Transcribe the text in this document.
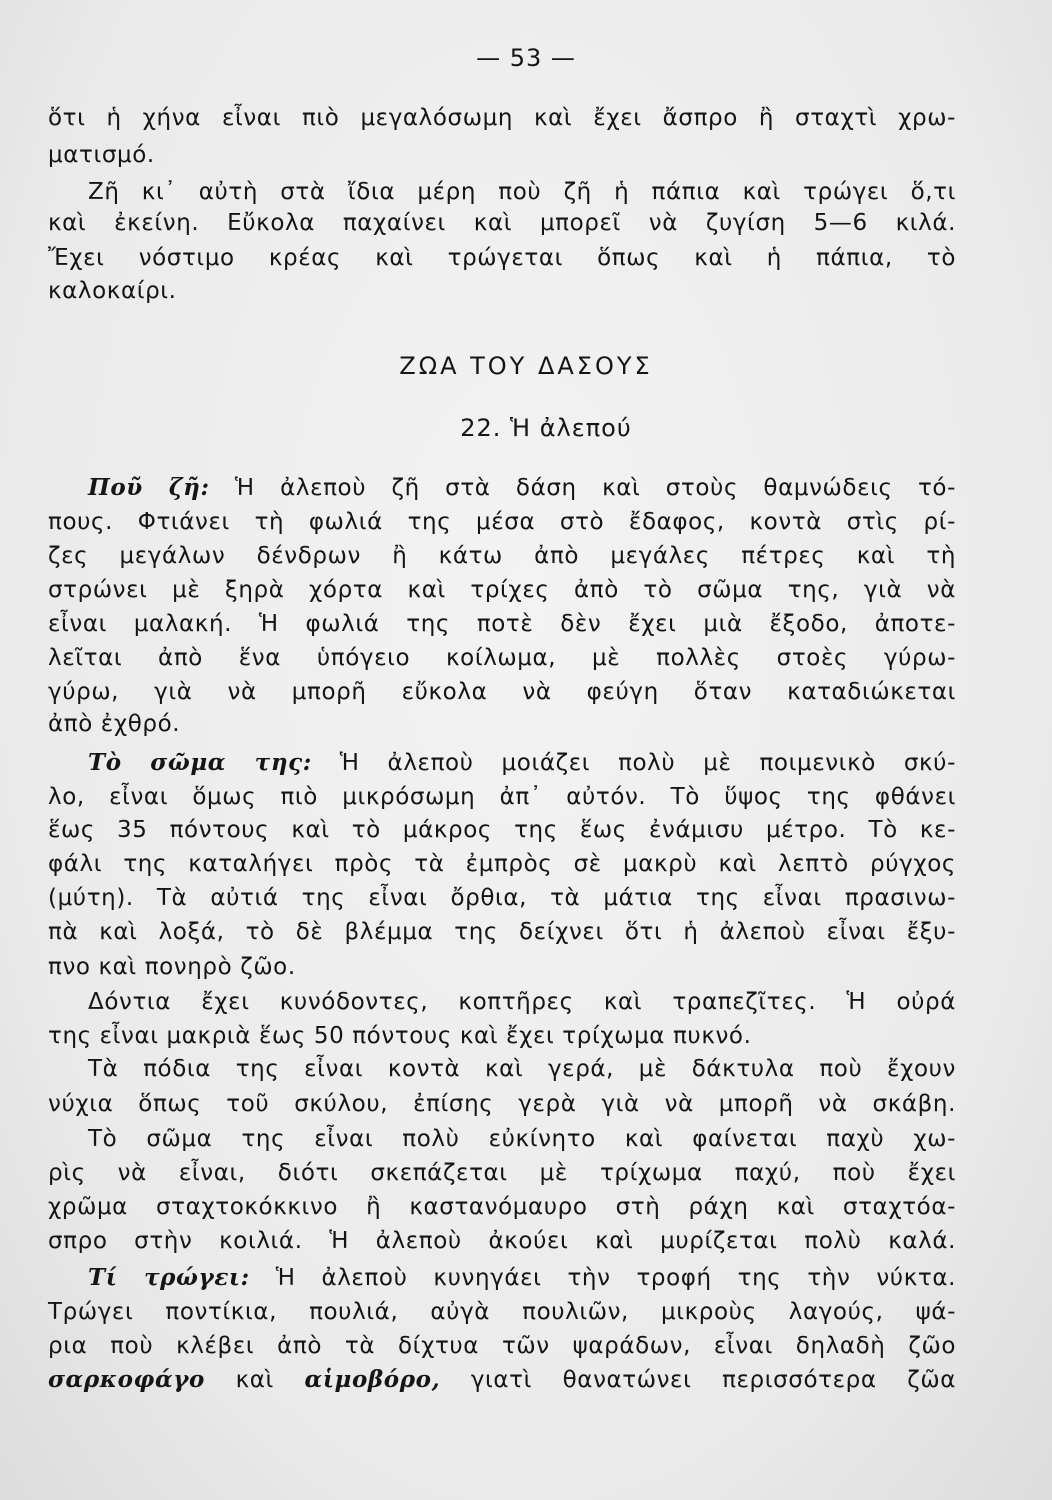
— 53 —
ὅτι ἡ χήνα εἶναι πιὸ μεγαλόσωμη καὶ ἔχει ἄσπρο ἢ σταχτὶ χρω-
ματισμό.
Ζῆ κι᾿ αὐτὴ στὰ ἴδια μέρη ποὺ ζῆ ἡ πάπια καὶ τρώγει ὅ,τι
καὶ ἐκείνη. Εὔκολα παχαίνει καὶ μπορεῖ νὰ ζυγίση 5—6 κιλά.
Ἔχει νόστιμο κρέας καὶ τρώγεται ὅπως καὶ ἡ πάπια, τὸ
καλοκαίρι.
ΖΩΑ ΤΟΥ ΔΑΣΟΥΣ
22. Ἡ ἀλεπού
Ποῦ ζῆ: Ἡ ἀλεποὺ ζῆ στὰ δάση καὶ στοὺς θαμνώδεις τό-
πους. Φτιάνει τὴ φωλιά της μέσα στὸ ἔδαφος, κοντὰ στὶς ρί-
ζες μεγάλων δένδρων ἢ κάτω ἀπὸ μεγάλες πέτρες καὶ τὴ
στρώνει μὲ ξηρὰ χόρτα καὶ τρίχες ἀπὸ τὸ σῶμα της, γιὰ νὰ
εἶναι μαλακή. Ἡ φωλιά της ποτὲ δὲν ἔχει μιὰ ἔξοδο, ἀποτε-
λεῖται ἀπὸ ἕνα ὑπόγειο κοίλωμα, μὲ πολλὲς στοὲς γύρω-
γύρω, γιὰ νὰ μπορῆ εὔκολα νὰ φεύγη ὅταν καταδιώκεται
ἀπὸ ἐχθρό.
Τὸ σῶμα της: Ἡ ἀλεποὺ μοιάζει πολὺ μὲ ποιμενικὸ σκύ-
λο, εἶναι ὅμως πιὸ μικρόσωμη ἀπ᾿ αὐτόν. Τὸ ὕψος της φθάνει
ἕως 35 πόντους καὶ τὸ μάκρος της ἕως ἐνάμισυ μέτρο. Τὸ κε-
φάλι της καταλήγει πρὸς τὰ ἐμπρὸς σὲ μακρὺ καὶ λεπτὸ ρύγχος
(μύτη). Τὰ αὐτιά της εἶναι ὄρθια, τὰ μάτια της εἶναι πρασινω-
πὰ καὶ λοξά, τὸ δὲ βλέμμα της δείχνει ὅτι ἡ ἀλεποὺ εἶναι ἔξυ-
πνο καὶ πονηρὸ ζῶο.
Δόντια ἔχει κυνόδοντες, κοπτῆρες καὶ τραπεζῖτες. Ἡ οὐρά
της εἶναι μακριὰ ἕως 50 πόντους καὶ ἔχει τρίχωμα πυκνό.
Τὰ πόδια της εἶναι κοντὰ καὶ γερά, μὲ δάκτυλα ποὺ ἔχουν
νύχια ὅπως τοῦ σκύλου, ἐπίσης γερὰ γιὰ νὰ μπορῆ νὰ σκάβη.
Τὸ σῶμα της εἶναι πολὺ εὐκίνητο καὶ φαίνεται παχὺ χω-
ρὶς νὰ εἶναι, διότι σκεπάζεται μὲ τρίχωμα παχύ, ποὺ ἔχει
χρῶμα σταχτοκόκκινο ἢ καστανόμαυρο στὴ ράχη καὶ σταχτόα-
σπρο στὴν κοιλιά. Ἡ ἀλεποὺ ἀκούει καὶ μυρίζεται πολὺ καλά.
Τί τρώγει: Ἡ ἀλεποὺ κυνηγάει τὴν τροφή της τὴν νύκτα.
Τρώγει ποντίκια, πουλιά, αὐγὰ πουλιῶν, μικροὺς λαγούς, ψά-
ρια ποὺ κλέβει ἀπὸ τὰ δίχτυα τῶν ψαράδων, εἶναι δηλαδὴ ζῶο
σαρκοφάγο καὶ αἱμοβόρο, γιατὶ θανατώνει περισσότερα ζῶα
